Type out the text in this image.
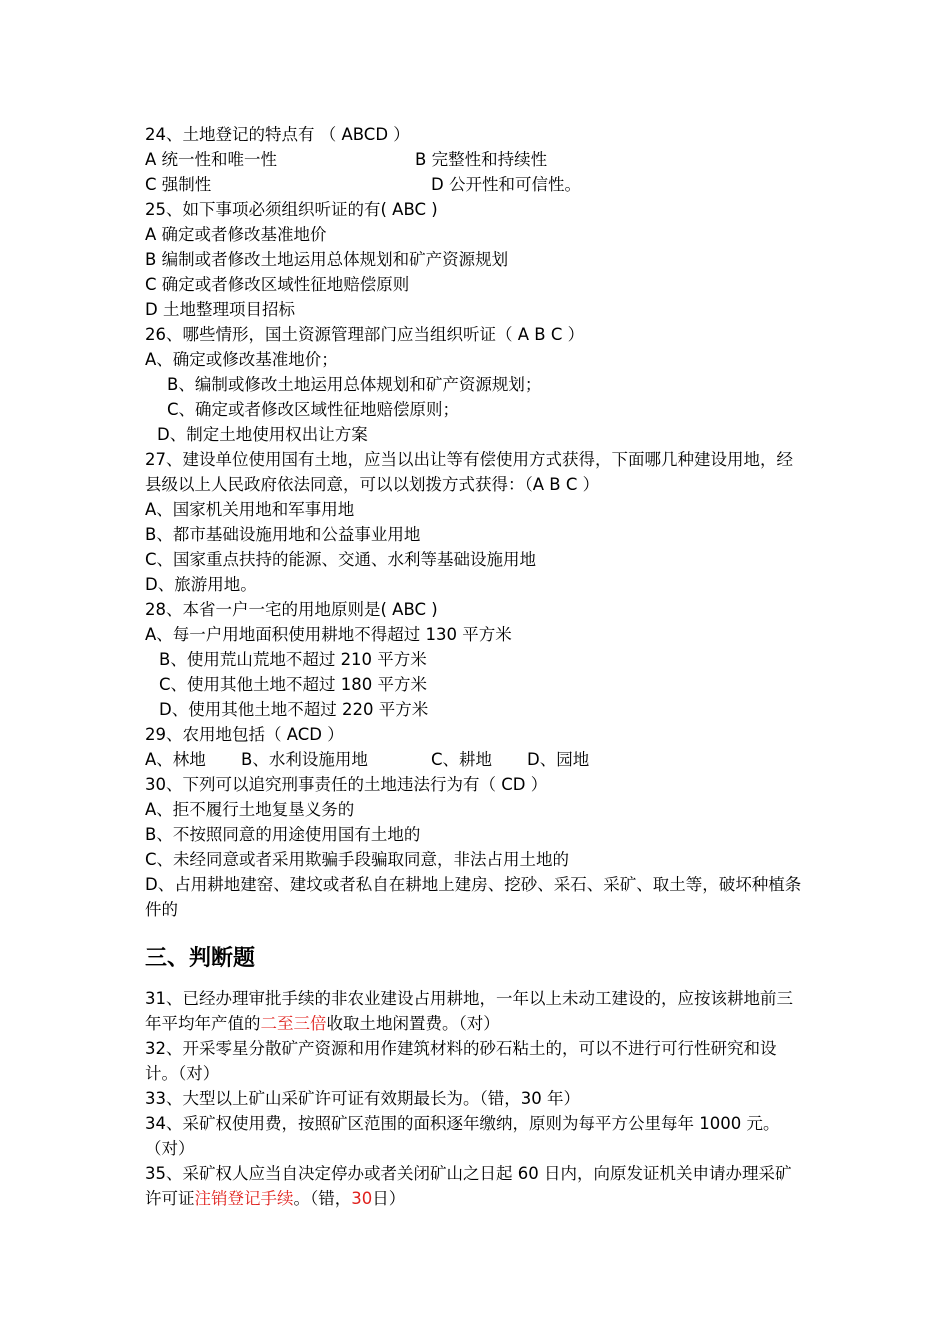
24、土地登记的特点有 （ ABCD ）
A 统一性和唯一性	B 完整性和持续性
C 强制性	D 公开性和可信性。
25、如下事项必须组织听证的有( ABC )
A 确定或者修改基准地价
B 编制或者修改土地运用总体规划和矿产资源规划
C 确定或者修改区域性征地赔偿原则
D 土地整理项目招标
26、哪些情形，国土资源管理部门应当组织听证（ A B C ）
A、确定或修改基准地价；
B、编制或修改土地运用总体规划和矿产资源规划；
C、确定或者修改区域性征地赔偿原则；
D、制定土地使用权出让方案
27、建设单位使用国有土地，应当以出让等有偿使用方式获得，下面哪几种建设用地，经县级以上人民政府依法同意，可以以划拨方式获得：（A B C ）
A、国家机关用地和军事用地
B、都市基础设施用地和公益事业用地
C、国家重点扶持的能源、交通、水利等基础设施用地
D、旅游用地。
28、本省一户一宅的用地原则是( ABC )
A、每一户用地面积使用耕地不得超过 130 平方米
B、使用荒山荒地不超过 210 平方米
C、使用其他土地不超过 180 平方米
D、使用其他土地不超过 220 平方米
29、农用地包括（ ACD ）
A、林地 B、水利设施用地	C、耕地 D、园地
30、下列可以追究刑事责任的土地违法行为有（ CD ）
A、拒不履行土地复垦义务的
B、不按照同意的用途使用国有土地的
C、未经同意或者采用欺骗手段骗取同意，非法占用土地的
D、占用耕地建窑、建坟或者私自在耕地上建房、挖砂、采石、采矿、取土等，破坏种植条件的
三、判断题
31、已经办理审批手续的非农业建设占用耕地，一年以上未动工建设的，应按该耕地前三年平均年产值的二至三倍收取土地闲置费。（对）
32、开采零星分散矿产资源和用作建筑材料的砂石粘土的，可以不进行可行性研究和设计。（对）
33、大型以上矿山采矿许可证有效期最长为。（错，30 年）
34、采矿权使用费，按照矿区范围的面积逐年缴纳，原则为每平方公里每年 1000 元。（对）
35、采矿权人应当自决定停办或者关闭矿山之日起 60 日内，向原发证机关申请办理采矿许可证注销登记手续。（错，30日）
